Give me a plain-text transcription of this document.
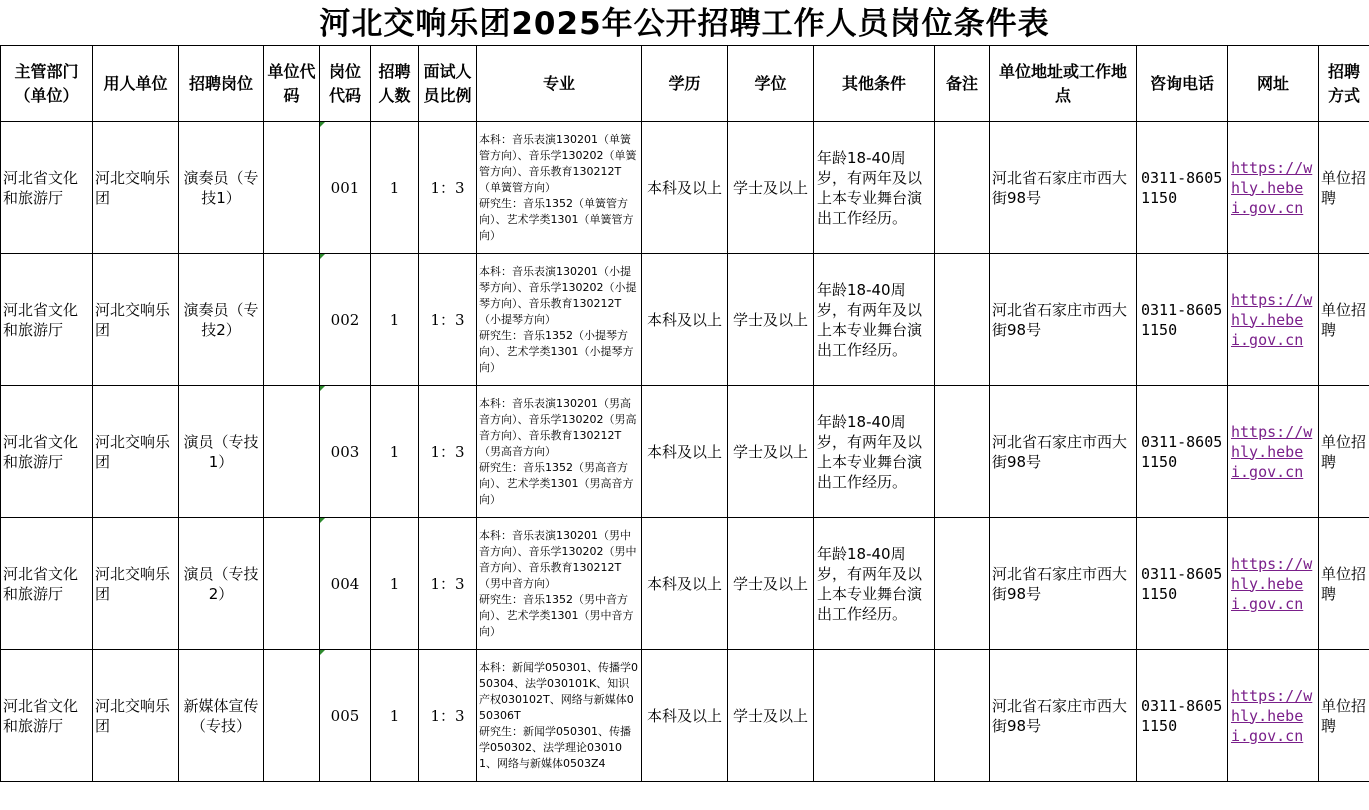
河北交响乐团2025年公开招聘工作人员岗位条件表
主管部门（单位）	用人单位	招聘岗位	单位代码	岗位代码	招聘人数	面试人员比例	专业	学历	学位	其他条件	备注	单位地址或工作地点	咨询电话	网址	招聘方式
河北省文化和旅游厅	河北交响乐团	演奏员（专技1）		001	1	1：3	本科：音乐表演130201（单簧管方向）、音乐学130202（单簧管方向）、音乐教育130212T（单簧管方向）
研究生：音乐1352（单簧管方向）、艺术学类1301（单簧管方向）	本科及以上	学士及以上	年龄18-40周岁，有两年及以上本专业舞台演出工作经历。		河北省石家庄市西大街98号	0311-86051150	https://whly.hebei.gov.cn	单位招聘
河北省文化和旅游厅	河北交响乐团	演奏员（专技2）		002	1	1：3	本科：音乐表演130201（小提琴方向）、音乐学130202（小提琴方向）、音乐教育130212T（小提琴方向）
研究生：音乐1352（小提琴方向）、艺术学类1301（小提琴方向）	本科及以上	学士及以上	年龄18-40周岁，有两年及以上本专业舞台演出工作经历。		河北省石家庄市西大街98号	0311-86051150	https://whly.hebei.gov.cn	单位招聘
河北省文化和旅游厅	河北交响乐团	演员（专技1）		003	1	1：3	本科：音乐表演130201（男高音方向）、音乐学130202（男高音方向）、音乐教育130212T（男高音方向）
研究生：音乐1352（男高音方向）、艺术学类1301（男高音方向）	本科及以上	学士及以上	年龄18-40周岁，有两年及以上本专业舞台演出工作经历。		河北省石家庄市西大街98号	0311-86051150	https://whly.hebei.gov.cn	单位招聘
河北省文化和旅游厅	河北交响乐团	演员（专技2）		004	1	1：3	本科：音乐表演130201（男中音方向）、音乐学130202（男中音方向）、音乐教育130212T（男中音方向）
研究生：音乐1352（男中音方向）、艺术学类1301（男中音方向）	本科及以上	学士及以上	年龄18-40周岁，有两年及以上本专业舞台演出工作经历。		河北省石家庄市西大街98号	0311-86051150	https://whly.hebei.gov.cn	单位招聘
河北省文化和旅游厅	河北交响乐团	新媒体宣传（专技）		005	1	1：3	本科：新闻学050301、传播学050304、法学030101K、知识产权030102T、网络与新媒体050306T
研究生：新闻学050301、传播学050302、法学理论030101、网络与新媒体0503Z4	本科及以上	学士及以上			河北省石家庄市西大街98号	0311-86051150	https://whly.hebei.gov.cn	单位招聘
